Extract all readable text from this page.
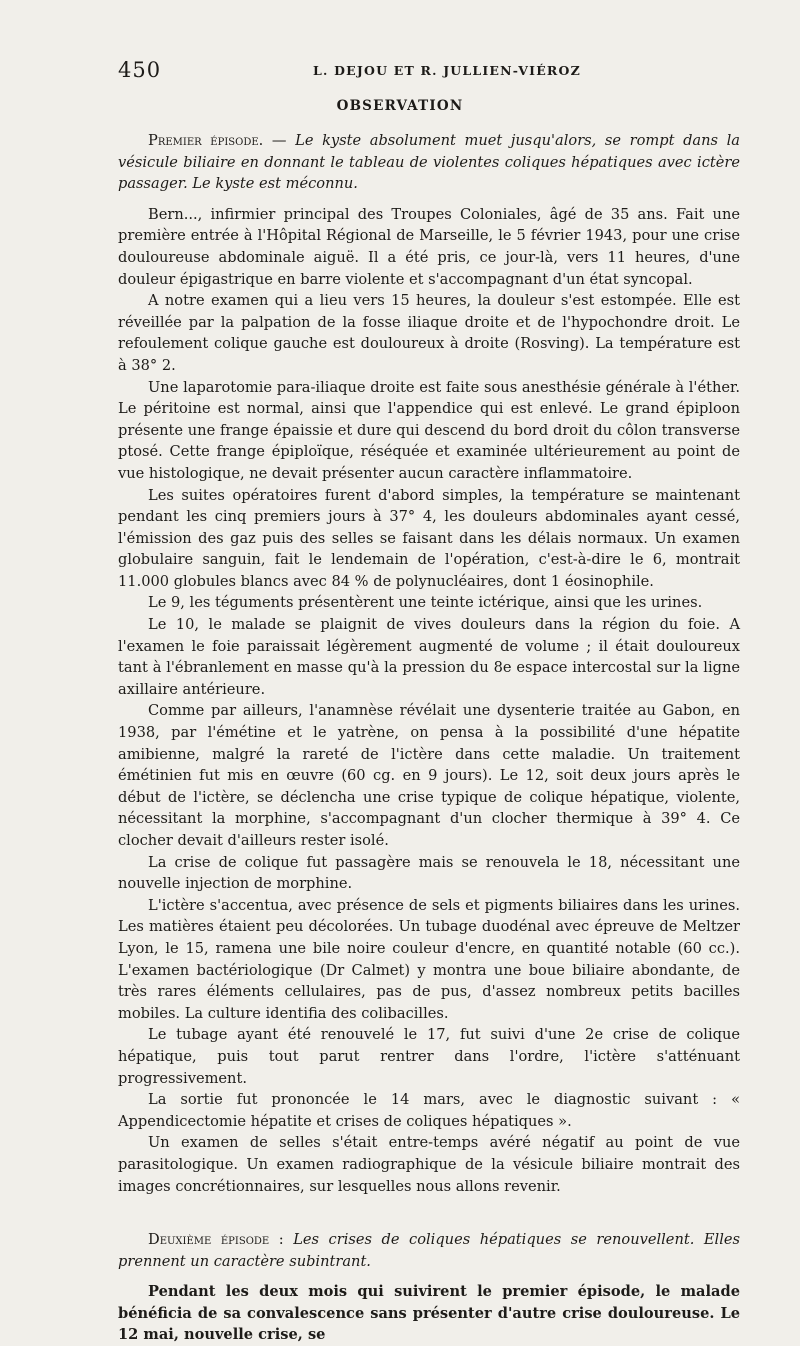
450	L. DEJOU ET R. JULLIEN-VIÉROZ
OBSERVATION

Premier épisode. — Le kyste absolument muet jusqu'alors, se rompt dans la vésicule biliaire en donnant le tableau de violentes coliques hépatiques avec ictère passager. Le kyste est méconnu.

Bern..., infirmier principal des Troupes Coloniales, âgé de 35 ans. Fait une première entrée à l'Hôpital Régional de Marseille, le 5 février 1943, pour une crise douloureuse abdominale aiguë. Il a été pris, ce jour-là, vers 11 heures, d'une douleur épigastrique en barre violente et s'accompagnant d'un état syncopal.

A notre examen qui a lieu vers 15 heures, la douleur s'est estompée. Elle est réveillée par la palpation de la fosse iliaque droite et de l'hypochondre droit. Le refoulement colique gauche est douloureux à droite (Rosving). La température est à 38° 2.

Une laparotomie para-iliaque droite est faite sous anesthésie générale à l'éther. Le péritoine est normal, ainsi que l'appendice qui est enlevé. Le grand épiploon présente une frange épaissie et dure qui descend du bord droit du côlon transverse ptosé. Cette frange épiploïque, réséquée et examinée ultérieurement au point de vue histologique, ne devait présenter aucun caractère inflammatoire.

Les suites opératoires furent d'abord simples, la température se maintenant pendant les cinq premiers jours à 37° 4, les douleurs abdominales ayant cessé, l'émission des gaz puis des selles se faisant dans les délais normaux. Un examen globulaire sanguin, fait le lendemain de l'opération, c'est-à-dire le 6, montrait 11.000 globules blancs avec 84 % de polynucléaires, dont 1 éosinophile.

Le 9, les téguments présentèrent une teinte ictérique, ainsi que les urines.

Le 10, le malade se plaignit de vives douleurs dans la région du foie. A l'examen le foie paraissait légèrement augmenté de volume ; il était douloureux tant à l'ébranlement en masse qu'à la pression du 8e espace intercostal sur la ligne axillaire antérieure.

Comme par ailleurs, l'anamnèse révélait une dysenterie traitée au Gabon, en 1938, par l'émétine et le yatrène, on pensa à la possibilité d'une hépatite amibienne, malgré la rareté de l'ictère dans cette maladie. Un traitement émétinien fut mis en œuvre (60 cg. en 9 jours). Le 12, soit deux jours après le début de l'ictère, se déclencha une crise typique de colique hépatique, violente, nécessitant la morphine, s'accompagnant d'un clocher thermique à 39° 4. Ce clocher devait d'ailleurs rester isolé.

La crise de colique fut passagère mais se renouvela le 18, nécessitant une nouvelle injection de morphine.

L'ictère s'accentua, avec présence de sels et pigments biliaires dans les urines. Les matières étaient peu décolorées. Un tubage duodénal avec épreuve de Meltzer Lyon, le 15, ramena une bile noire couleur d'encre, en quantité notable (60 cc.). L'examen bactériologique (Dr Calmet) y montra une boue biliaire abondante, de très rares éléments cellulaires, pas de pus, d'assez nombreux petits bacilles mobiles. La culture identifia des colibacilles.

Le tubage ayant été renouvelé le 17, fut suivi d'une 2e crise de colique hépatique, puis tout parut rentrer dans l'ordre, l'ictère s'atténuant progressivement.

La sortie fut prononcée le 14 mars, avec le diagnostic suivant : « Appendicectomie hépatite et crises de coliques hépatiques ».

Un examen de selles s'était entre-temps avéré négatif au point de vue parasitologique. Un examen radiographique de la vésicule biliaire montrait des images concrétionnaires, sur lesquelles nous allons revenir.

Deuxième épisode : Les crises de coliques hépatiques se renouvellent. Elles prennent un caractère subintrant.

Pendant les deux mois qui suivirent le premier épisode, le malade bénéficia de sa convalescence sans présenter d'autre crise douloureuse. Le 12 mai, nouvelle crise, se
